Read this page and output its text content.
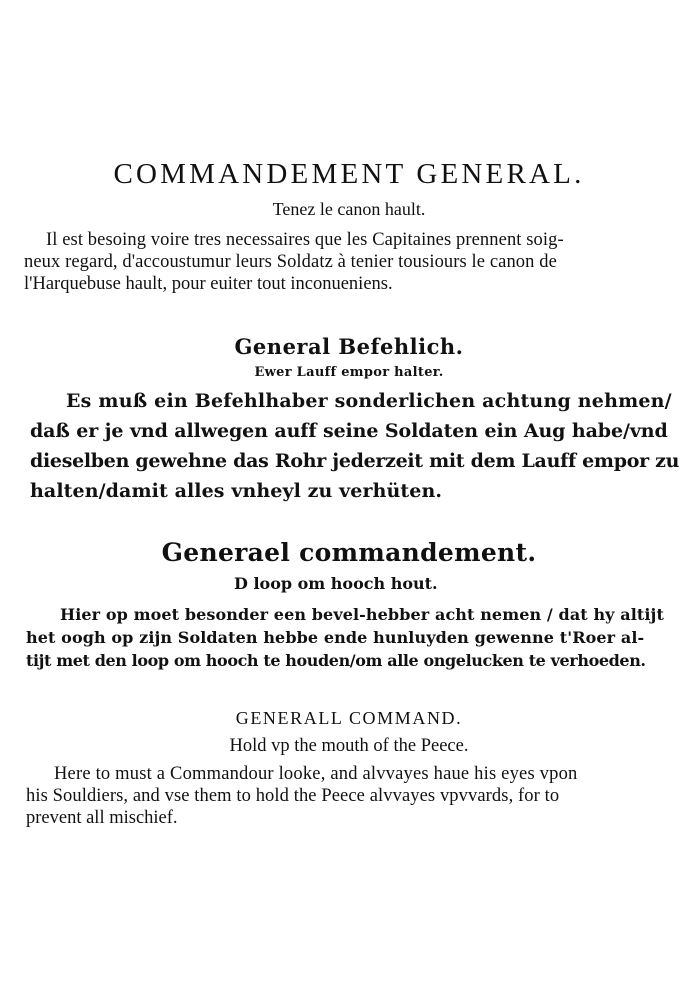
COMMANDEMENT GENERAL.
Tenez le canon hault.
Il est besoing voire tres necessaires que les Capitaines prennent soig-
neux regard, d'accoustumur leurs Soldatz à tenier tousiours le canon de
l'Harquebuse hault, pour euiter tout inconueniens.
General Befehlich.
Ewer Lauff empor halter.
Es muß ein Befehlhaber sonderlichen achtung nehmen/
daß er je vnd allwegen auff seine Soldaten ein Aug habe/vnd
dieselben gewehne das Rohr jederzeit mit dem Lauff empor zu
halten/damit alles vnheyl zu verhüten.
Generael commandement.
D loop om hooch hout.
Hier op moet besonder een bevel-hebber acht nemen / dat hy altijt
het oogh op zijn Soldaten hebbe ende hunluyden gewenne t'Roer al-
tijt met den loop om hooch te houden/om alle ongelucken te verhoeden.
GENERALL COMMAND.
Hold vp the mouth of the Peece.
Here to must a Commandour looke, and alvvayes haue his eyes vpon
his Souldiers, and vse them to hold the Peece alvvayes vpvvards, for to
prevent all mischief.
